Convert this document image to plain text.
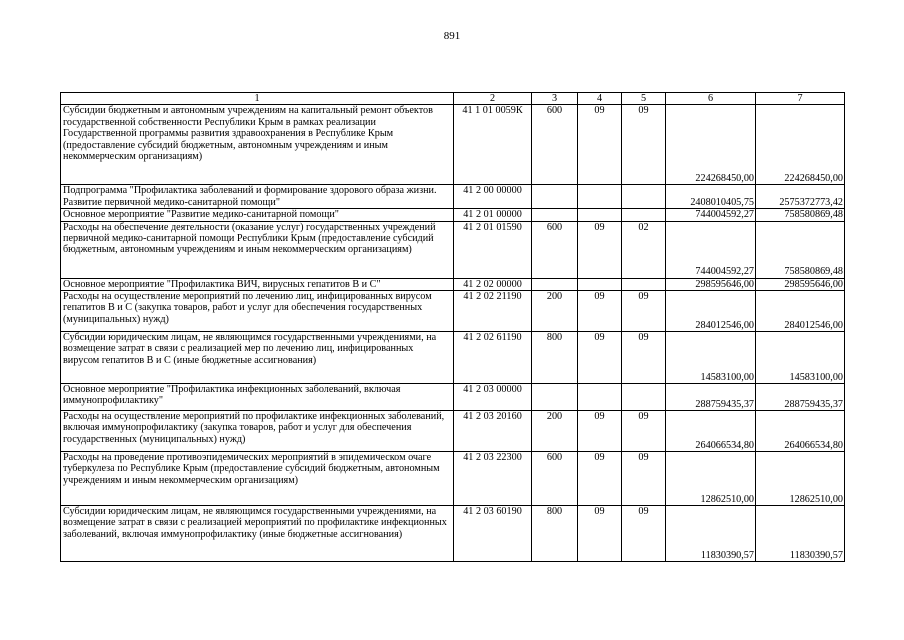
891
1	2	3	4	5	6	7
Субсидии бюджетным и автономным учреждениям на капитальный ремонт объектов государственной собственности Республики Крым в рамках реализации Государственной программы развития здравоохранения в Республике Крым (предоставление субсидий бюджетным, автономным учреждениям и иным некоммерческим организациям)	41 1 01 0059К	600	09	09	224268450,00	224268450,00
Подпрограмма "Профилактика заболеваний и формирование здорового образа жизни. Развитие первичной медико-санитарной помощи"	41 2 00 00000				2408010405,75	2575372773,42
Основное мероприятие "Развитие медико-санитарной помощи"	41 2 01 00000				744004592,27	758580869,48
Расходы на обеспечение деятельности (оказание услуг) государственных учреждений первичной медико-санитарной помощи Республики Крым (предоставление субсидий бюджетным, автономным учреждениям и иным некоммерческим организациям)	41 2 01 01590	600	09	02	744004592,27	758580869,48
Основное мероприятие "Профилактика ВИЧ, вирусных гепатитов В и С"	41 2 02 00000				298595646,00	298595646,00
Расходы на осуществление мероприятий по лечению лиц, инфицированных вирусом гепатитов В и С (закупка товаров, работ и услуг для обеспечения государственных (муниципальных) нужд)	41 2 02 21190	200	09	09	284012546,00	284012546,00
Субсидии юридическим лицам, не являющимся государственными учреждениями, на возмещение затрат в связи с реализацией мер по лечению лиц, инфицированных вирусом гепатитов В и С (иные бюджетные ассигнования)	41 2 02 61190	800	09	09	14583100,00	14583100,00
Основное мероприятие "Профилактика инфекционных заболеваний, включая иммунопрофилактику"	41 2 03 00000				288759435,37	288759435,37
Расходы на осуществление мероприятий по профилактике инфекционных заболеваний, включая иммунопрофилактику (закупка товаров, работ и услуг для обеспечения государственных (муниципальных) нужд)	41 2 03 20160	200	09	09	264066534,80	264066534,80
Расходы на проведение противоэпидемических мероприятий в эпидемическом очаге туберкулеза по Республике Крым (предоставление субсидий бюджетным, автономным учреждениям и иным некоммерческим организациям)	41 2 03 22300	600	09	09	12862510,00	12862510,00
Субсидии юридическим лицам, не являющимся государственными учреждениями, на возмещение затрат в связи с реализацией мероприятий по профилактике инфекционных заболеваний, включая иммунопрофилактику (иные бюджетные ассигнования)	41 2 03 60190	800	09	09	11830390,57	11830390,57
